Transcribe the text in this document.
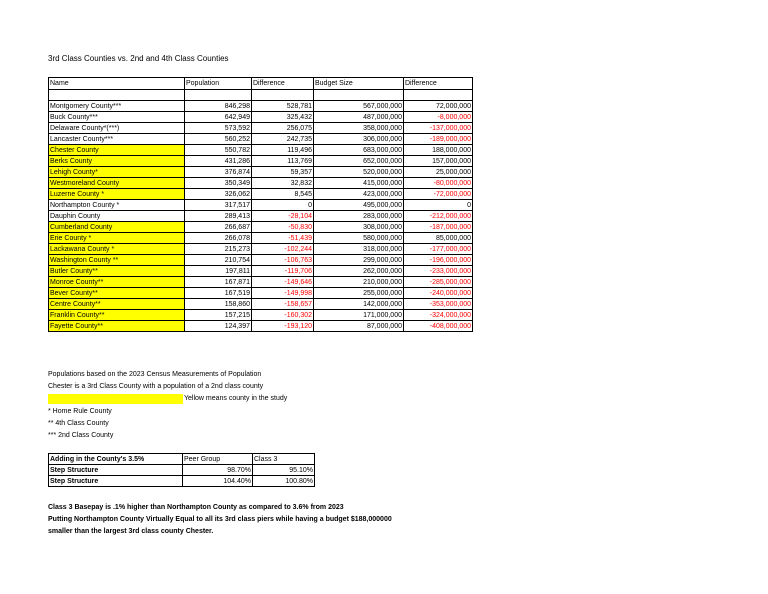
3rd Class Counties vs. 2nd and 4th Class Counties
Name	Population	Difference	Budget Size	Difference

Montgomery County***	846,298	528,781	567,000,000	72,000,000
Buck County***	642,949	325,432	487,000,000	-8,000,000
Delaware County*(***)	573,592	256,075	358,000,000	-137,000,000
Lancaster County***	560,252	242,735	306,000,000	-189,000,000
Chester County	550,782	119,496	683,000,000	188,000,000
Berks County	431,286	113,769	652,000,000	157,000,000
Lehigh County*	376,874	59,357	520,000,000	25,000,000
Westmoreland County	350,349	32,832	415,000,000	-80,000,000
Luzerne County *	326,062	8,545	423,000,000	-72,000,000
Northampton County *	317,517	0	495,000,000	0
Dauphin County	289,413	-28,104	283,000,000	-212,000,000
Cumberland County	266,687	-50,830	308,000,000	-187,000,000
Erie County *	266,078	-51,439	580,000,000	85,000,000
Lackawana County *	215,273	-102,244	318,000,000	-177,000,000
Washington County **	210,754	-106,763	299,000,000	-196,000,000
Butler County**	197,811	-119,706	262,000,000	-233,000,000
Monroe County**	167,871	-149,646	210,000,000	-285,000,000
Bever County**	167,519	-149,998	255,000,000	-240,000,000
Centre County**	158,860	-158,657	142,000,000	-353,000,000
Franklin County**	157,215	-160,302	171,000,000	-324,000,000
Fayette County**	124,397	-193,120	87,000,000	-408,000,000
Populations based on the 2023 Census Measurements of Population
Chester is a 3rd Class County with a population of a 2nd class county
Yellow means county in the study
* Home Rule County
** 4th Class County
*** 2nd Class County
Adding in the County's 3.5%	Peer Group	Class 3
Step Structure	98.70%	95.10%
Step Structure	104.40%	100.80%
Class 3 Basepay is .1% higher than Northampton County as compared to 3.6% from 2023
Putting Northampton County Virtually Equal to all its 3rd class piers while having a budget $188,000000
smaller than the largest 3rd class county Chester.
